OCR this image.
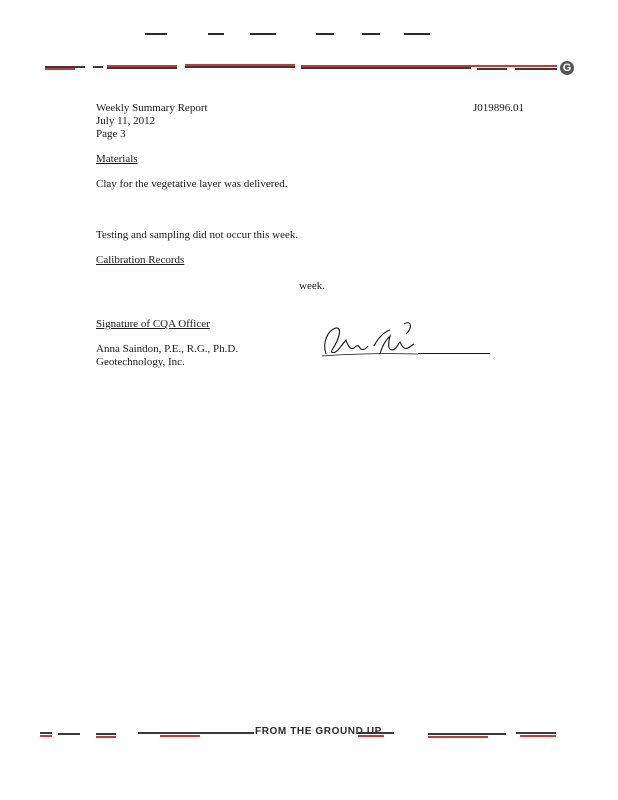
G
Weekly Summary Report
July 11, 2012
Page 3
J019896.01
Materials
Clay for the vegetative layer was delivered.
Testing and sampling did not occur this week.
Calibration Records
week.
Signature of CQA Officer
Anna Saindon, P.E., R.G., Ph.D.
Geotechnology, Inc.
FROM THE GROUND UP
